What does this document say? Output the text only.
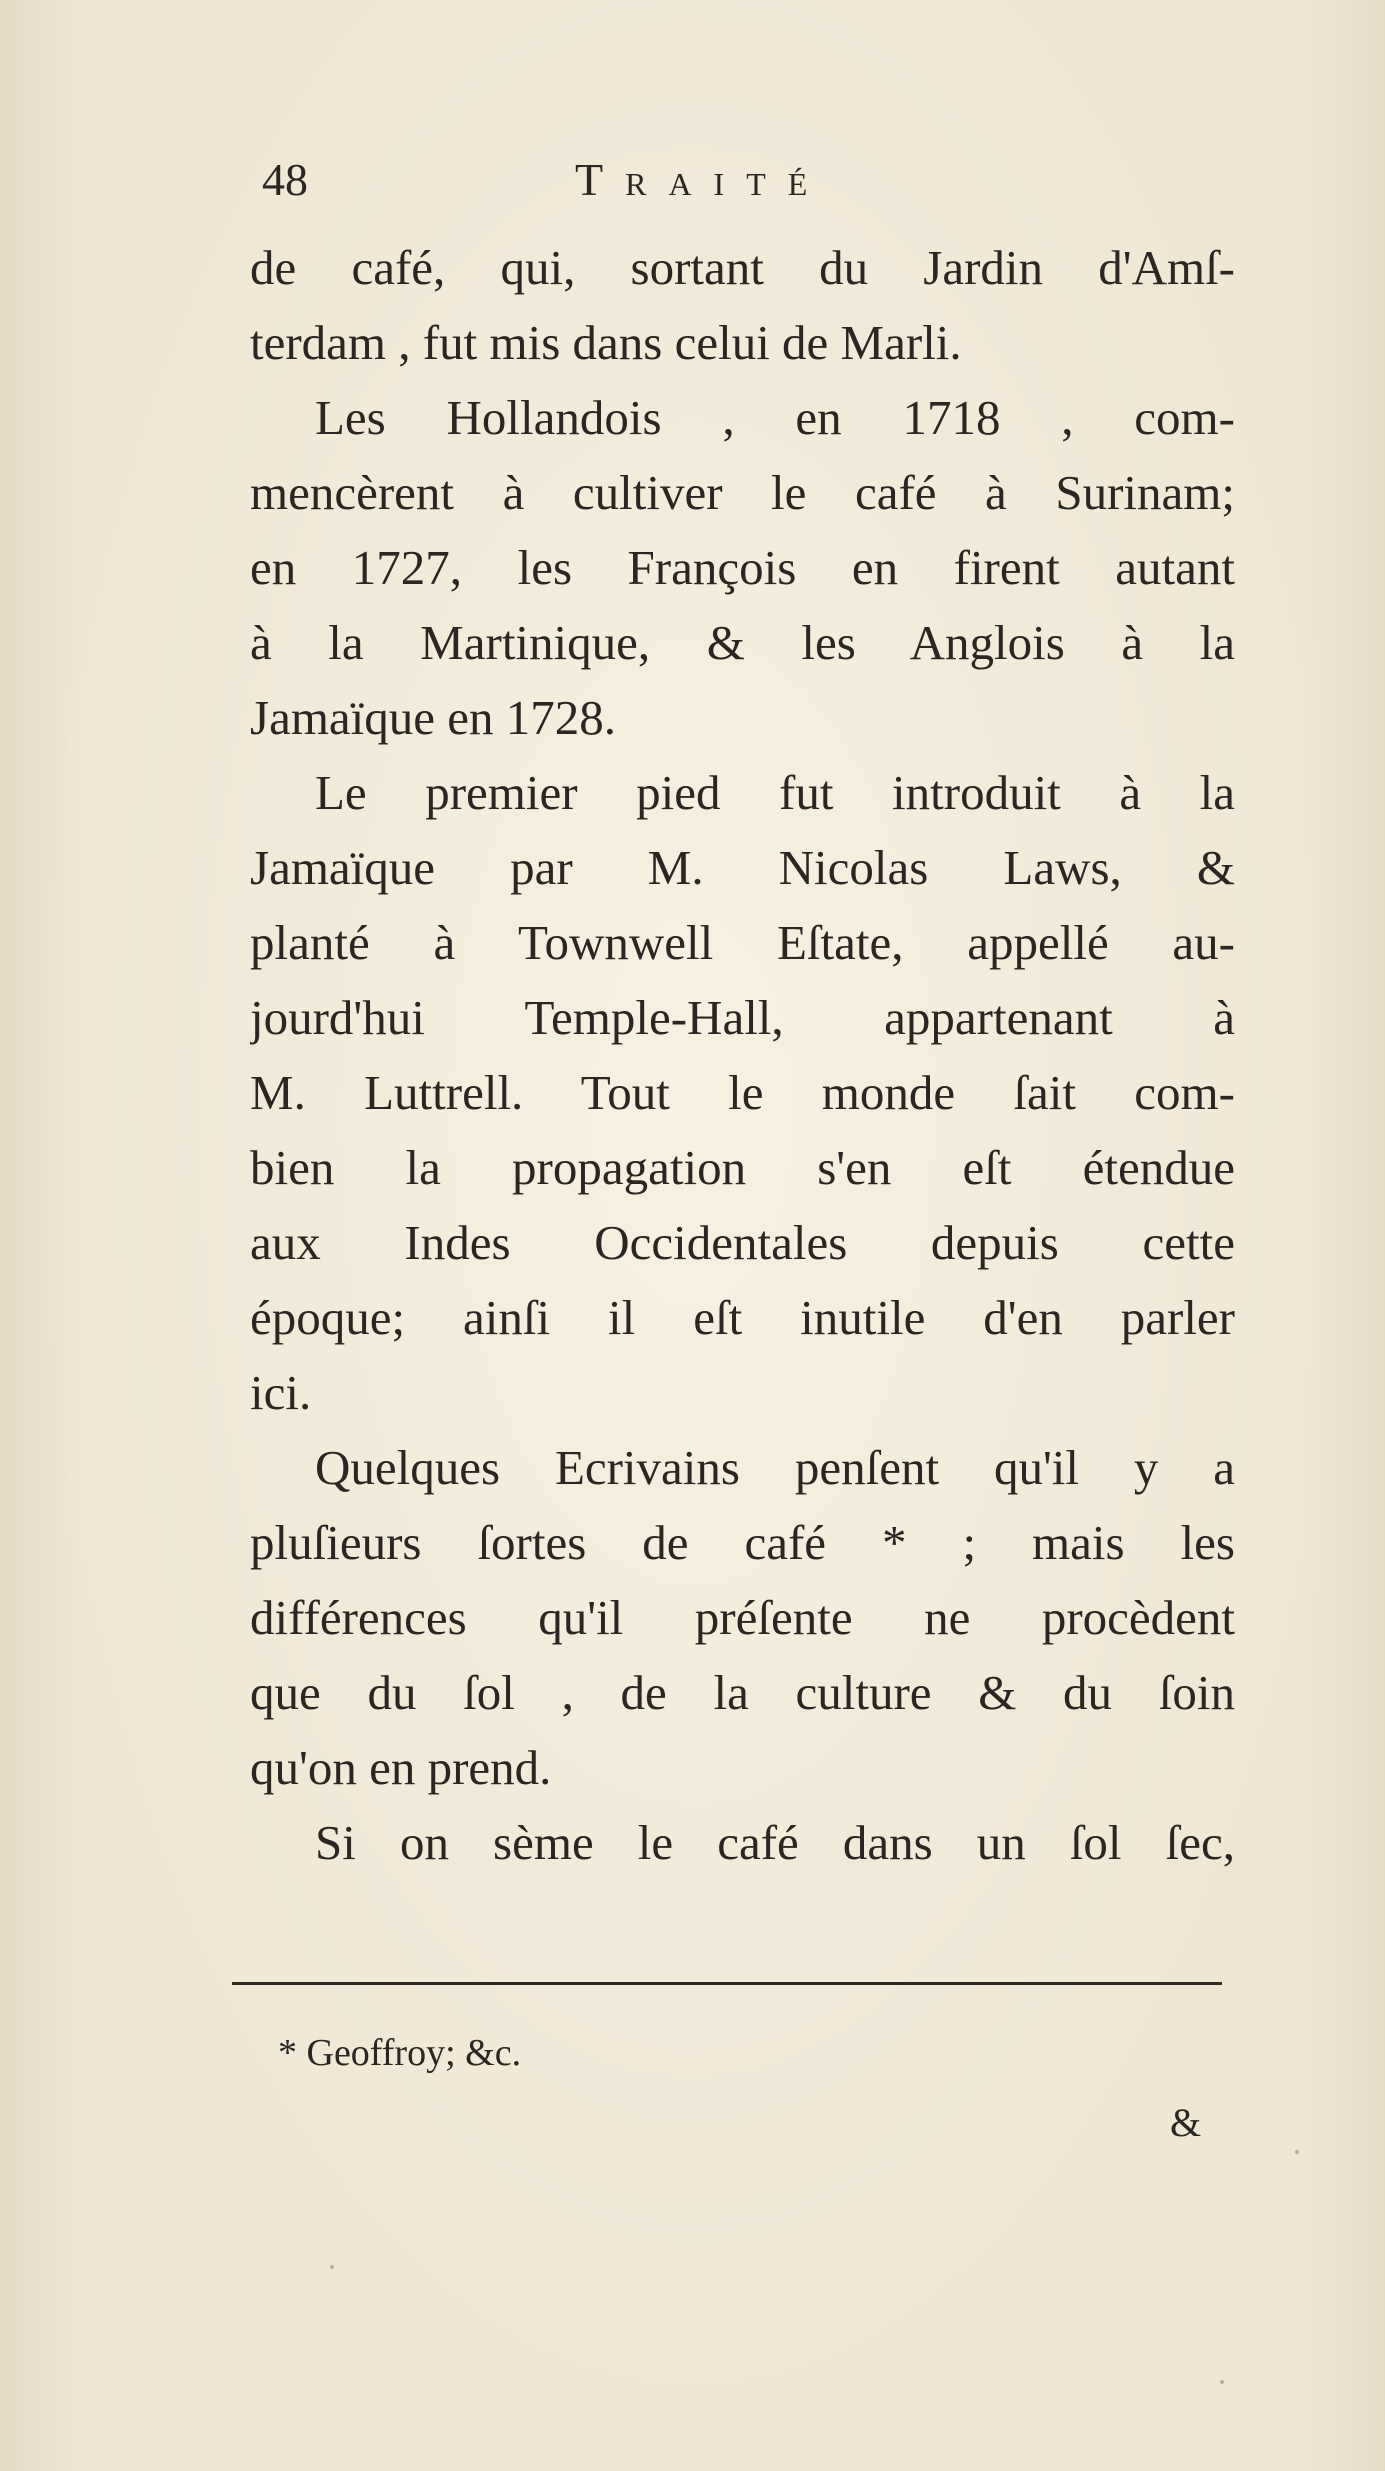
48	Traité
de café, qui, sortant du Jardin d'Amſ-
terdam , fut mis dans celui de Marli.
Les Hollandois , en 1718 , com-
mencèrent à cultiver le café à Surinam;
en 1727, les François en firent autant
à la Martinique, & les Anglois à la
Jamaïque en 1728.
Le premier pied fut introduit à la
Jamaïque par M. Nicolas Laws, &
planté à Townwell Eſtate, appellé au-
jourd'hui Temple-Hall, appartenant à
M. Luttrell. Tout le monde ſait com-
bien la propagation s'en eſt étendue
aux Indes Occidentales depuis cette
époque; ainſi il eſt inutile d'en parler
ici.
Quelques Ecrivains penſent qu'il y a
pluſieurs ſortes de café * ; mais les
différences qu'il préſente ne procèdent
que du ſol , de la culture & du ſoin
qu'on en prend.
Si on sème le café dans un ſol ſec,
* Geoffroy; &c.
&
